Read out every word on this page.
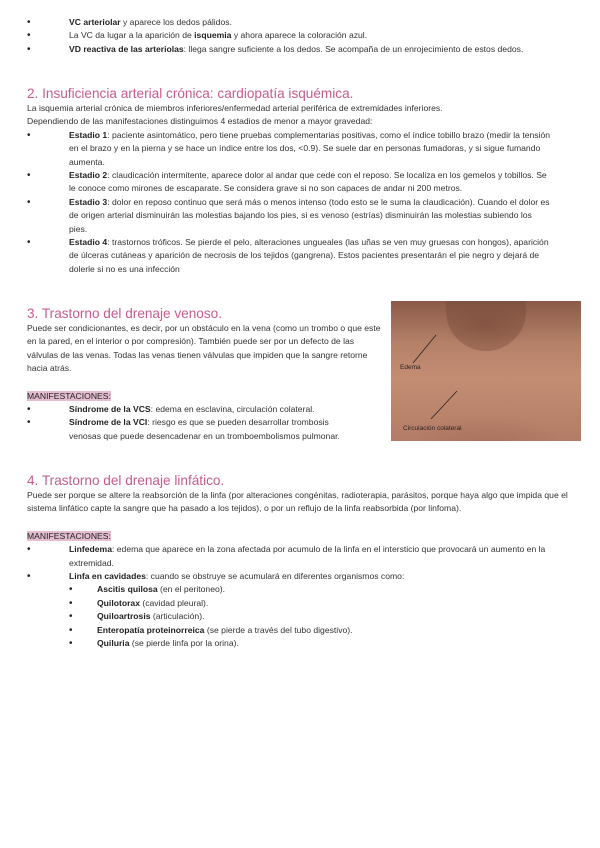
• VC arteriolar y aparece los dedos pálidos.
• La VC da lugar a la aparición de isquemia y ahora aparece la coloración azul.
• VD reactiva de las arteriolas: llega sangre suficiente a los dedos. Se acompaña de un enrojecimiento de estos dedos.
2. Insuficiencia arterial crónica: cardiopatía isquémica.

La isquemia arterial crónica de miembros inferiores/enfermedad arterial periférica de extremidades inferiores.

Dependiendo de las manifestaciones distinguimos 4 estadios de menor a mayor gravedad:

• Estadio 1: paciente asintomático, pero tiene pruebas complementarias positivas, como el índice tobillo brazo (medir la tensión en el brazo y en la pierna y se hace un índice entre los dos, <0.9). Se suele dar en personas fumadoras, y si sigue fumando aumenta.
• Estadio 2: claudicación intermitente, aparece dolor al andar que cede con el reposo. Se localiza en los gemelos y tobillos. Se le conoce como mirones de escaparate. Se considera grave si no son capaces de andar ni 200 metros.
• Estadio 3: dolor en reposo continuo que será más o menos intenso (todo esto se le suma la claudicación). Cuando el dolor es de origen arterial disminuirán las molestias bajando los pies, si es venoso (estrías) disminuirán las molestias subiendo los pies.
• Estadio 4: trastornos tróficos. Se pierde el pelo, alteraciones ungueales (las uñas se ven muy gruesas con hongos), aparición de úlceras cutáneas y aparición de necrosis de los tejidos (gangrena). Estos pacientes presentarán el pie negro y dejará de dolerle si no es una infección
3. Trastorno del drenaje venoso.

Puede ser condicionantes, es decir, por un obstáculo en la vena (como un trombo o que este en la pared, en el interior o por compresión). También puede ser por un defecto de las válvulas de las venas. Todas las venas tienen válvulas que impiden que la sangre retorne hacia atrás.

MANIFESTACIONES:

• Síndrome de la VCS: edema en esclavina, circulación colateral.
• Síndrome de la VCI: riesgo es que se pueden desarrollar trombosis venosas que puede desencadenar en un tromboembolismos pulmonar.
Edema
Circulación colateral
4. Trastorno del drenaje linfático.

Puede ser porque se altere la reabsorción de la linfa (por alteraciones congénitas, radioterapia, parásitos, porque haya algo que impida que el sistema linfático capte la sangre que ha pasado a los tejidos), o por un reflujo de la linfa reabsorbida (por linfoma).

MANIFESTACIONES:

• Linfedema: edema que aparece en la zona afectada por acumulo de la linfa en el intersticio que provocará un aumento en la extremidad.
• Linfa en cavidades: cuando se obstruye se acumulará en diferentes organismos como:
• Ascitis quilosa (en el peritoneo).
• Quilotorax (cavidad pleural).
• Quiloartrosis (articulación).
• Enteropatía proteinorreica (se pierde a través del tubo digestivo).
• Quiluria (se pierde linfa por la orina).
